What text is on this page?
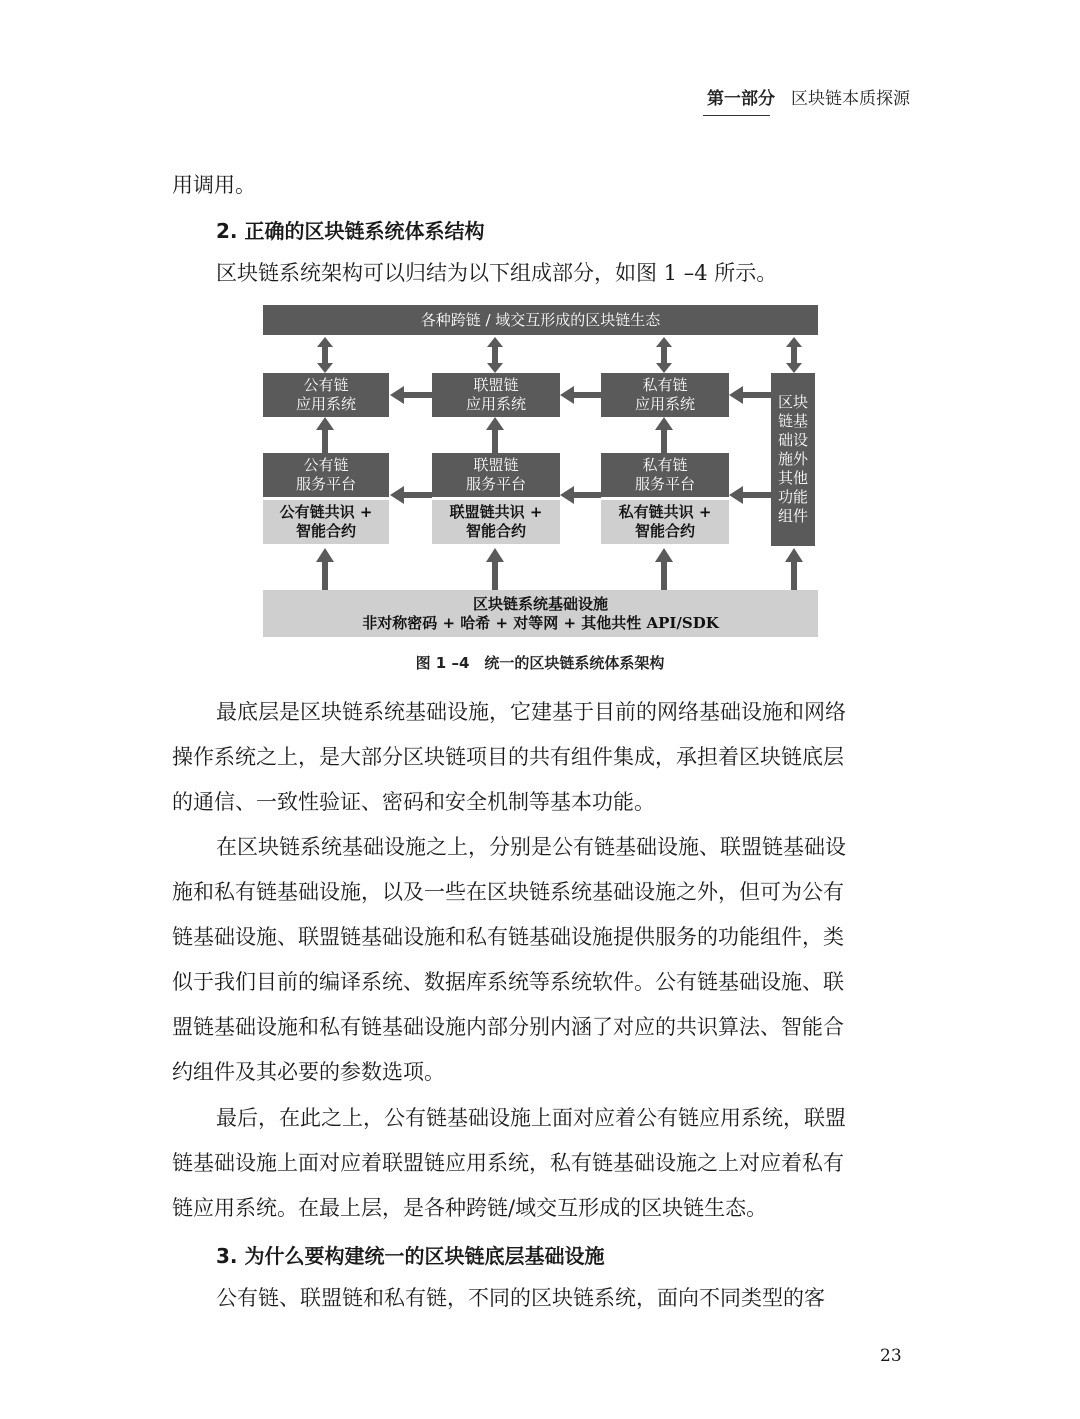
第一部分 区块链本质探源

用调用。

2. 正确的区块链系统体系结构

区块链系统架构可以归结为以下组成部分，如图 1 –4 所示。

各种跨链 / 域交互形成的区块链生态
公有链
应用系统
联盟链
应用系统
私有链
应用系统	区块
链基
础设
施外
其他
功能
组件
公有链
服务平台
联盟链
服务平台
私有链
服务平台
公有链共识 +
智能合约
联盟链共识 +
智能合约
私有链共识 +
智能合约
区块链系统基础设施
非对称密码 + 哈希 + 对等网 + 其他共性 API/SDK
图 1 –4　统一的区块链系统体系架构
最底层是区块链系统基础设施，它建基于目前的网络基础设施和网络
操作系统之上，是大部分区块链项目的共有组件集成，承担着区块链底层
的通信、一致性验证、密码和安全机制等基本功能。
在区块链系统基础设施之上，分别是公有链基础设施、联盟链基础设
施和私有链基础设施，以及一些在区块链系统基础设施之外，但可为公有
链基础设施、联盟链基础设施和私有链基础设施提供服务的功能组件，类
似于我们目前的编译系统、数据库系统等系统软件。公有链基础设施、联
盟链基础设施和私有链基础设施内部分别内涵了对应的共识算法、智能合
约组件及其必要的参数选项。
最后，在此之上，公有链基础设施上面对应着公有链应用系统，联盟
链基础设施上面对应着联盟链应用系统，私有链基础设施之上对应着私有
链应用系统。在最上层，是各种跨链/域交互形成的区块链生态。
3. 为什么要构建统一的区块链底层基础设施

公有链、联盟链和私有链，不同的区块链系统，面向不同类型的客

23
